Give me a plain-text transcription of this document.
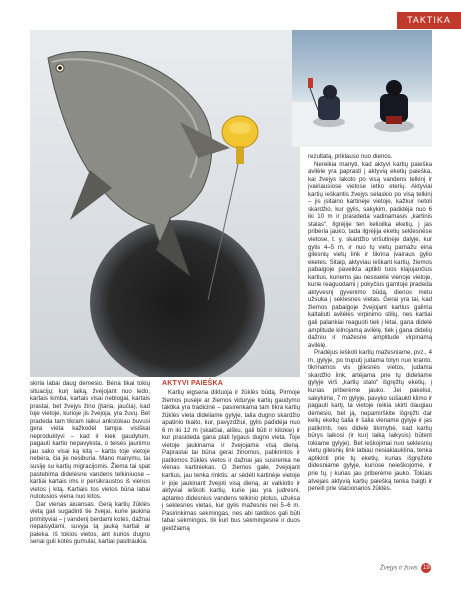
TAKTIKA

skirla labai daug dėmesio. Bėna tikai tokių situacijų: kurį laiką, žvejojant nuo ledo, kartais kimba, kartais visai neblogai, kartais prastai, bet žvejys žino (įtaria, jaučia), kad toje vietoje, kurioje jis žvejoja, yra žuvų. Bet pradeda tam tikram laikui ankstokau buvusi gera vieta kažkodėl tampa visiškai neproduktyvi – kad ir kiek gaudytum, pagauti kartio nepavyksta, o teisės jaunimo jau sako visai ką kitą – kartis toje vietoje nebėra, čia jie nesiburia. Mano manymu, tai susiję su kartių migracijomis. Žiema tai spat pastebima didelėsne vandens telkiniuose – kartiai kartais ims ir persikraustos iš vienos vietos į kitą. Kartiais tos vietos būna labai nutolusios viena nuo kitos.

Dar vienas aiuansas. Gerą kartių žūklės vietą gali sugadinti tie žvejai, kurie jaukina primityviai – į vandenį berdami kotes, dažnai nepaisydami, suvyja tą jauką kartiai ar paleka. Iš tokios vietos, ant kurios dugno senai guli kotės gumulai, kartiai pasitraukia.

AKTYVI PAIEŠKA

Kartių eigsena diktuoja ir žūklės būdą. Pirmoje žiemos pusėje ar žiemos viduryje kartių gaudymo taktika yra tradicinė – pasirenkama tam tikra kartių žūklės vieta dideliame gylyje, talia dugno skardžio apatinio tkaito, kur, pavyzdžiui, gylis padidėja nuo 6 m iki 12 m (skaičiai, aišku, gali būti ir kitokie) ir kur prasideda gana plati lygaus dugno vieta. Toje vietoje jaukinama ir žvejojama visą dieną. Paprastai tai būna gerai žinomos, patikrintos ir patikimos žūklės vietos ir dažnai jas susirenka ne vienas kartiniekas. O žiemos gale, žvejojant kartius, jau tenka rinktis: ar sėdėti kartinėje vietoje ir joje jaukinant žvejoti visą dieną, ar valkiotis ir aktyviai ieškoti kartių, kurie jau yra judresni, aptanko didesnius vandens telkinio plotus, užuksa į seklesnes vietas, kur gylis mažesnis nei 5–6 m. Pasirinkimas sekmingas, nes abi taktikos gali būti labai sėkmingos, tik kuri bus sėkmingesnė ir duos geidžiamą

rezultatą, priklauso nuo dienos.

Nereikia manyti, kad aktyvi kartių paieška avilėle yra paprasti į aktyvią eketių paieška, kai žvejys lakoto po visą vandens telkinį ir įvairiausiose vietose ietko eterių. Aktyviai kartių ieškantis žvejys sėlaskio po visą telkinį – jis įsitaino kartinėje vietoje, kažkur netoli skardžio, kur gylis, sakykim, padidėja nuo 6 iki 10 m ir prasideda vadinamasis „kartinis stalas“. Ilgrėjije ten kelioilka eketių, į jas pribėria jauko, tada ilgrėjija eketių seklesnėse vietose, t. y. skardžio viršutinėje dalyje, kur gylis 4–5 m, ir nuo tų vietų pamažu eina gilesnių vietų link ir tikrina įvairaus gylio eketes. Sitaip, aktyviau ieškant kartių, žiemos pabaigoje paveikta aptikti tuos klajojančius kartius, kuriems jau nesiseklė vienoje vietoje, kurie reaguodami į pokyčius gamtoje pradeda aktyvesnį gyvenimo būdą, dienos metu užsuka į seklesnes vietas. Gerai yra tai, kad žiemos pabaigoje žvejojant kartius galima kaltaliuti avilėlės virpinimo stilių, nes kartiai gali palankiai reaguoti tiek į lėtai, gana didelė amplitude kilnojamą avilėlę, tiek į gana didelių dažniu ir mažesne amplitude virpinamą avilėlę.

Pradėjus ieškoti kartių mažesniame, pvz., 4 m, gylyje, po truputį judama tolyn nuo kranto, tikrinamos vis gilesnės vietos, judama skardžio link, artėjama prie tų dideliame gylyje virš „kartių stalo“ išgręžtų eketių, į kurias priberėme jauko. Jei pakeliui, sakykime, 7 m gylyje, pavyko sušaukti klimo ir pagauti kartį, ta vietoje reikia skirti daugiau dėmesio, bet ją, nepamirškite išgręžti dar kelių eketių šalia ir šalia viename gylyje ir jas patikrinti, nes didelė tikimybė, kad kartių būrys laikosi (ir kurį laiką laikysis) būtent tokiame gylyje). Bet ieškojimai nuo seklesnių vietų gilesnių link labiau nesiakiauklina, tenka aptikinti prie tų eketių, kurias išgręžėte didesniame gylyje, kuriose neieškojome, ir prie tų, į kurias jau priberėme jauko. Tokiais atvejais aktyvią kartių paiešką tenka baigti ir pereiti prie stacionarios žūklės.

Žvejys ir žuvis 19
